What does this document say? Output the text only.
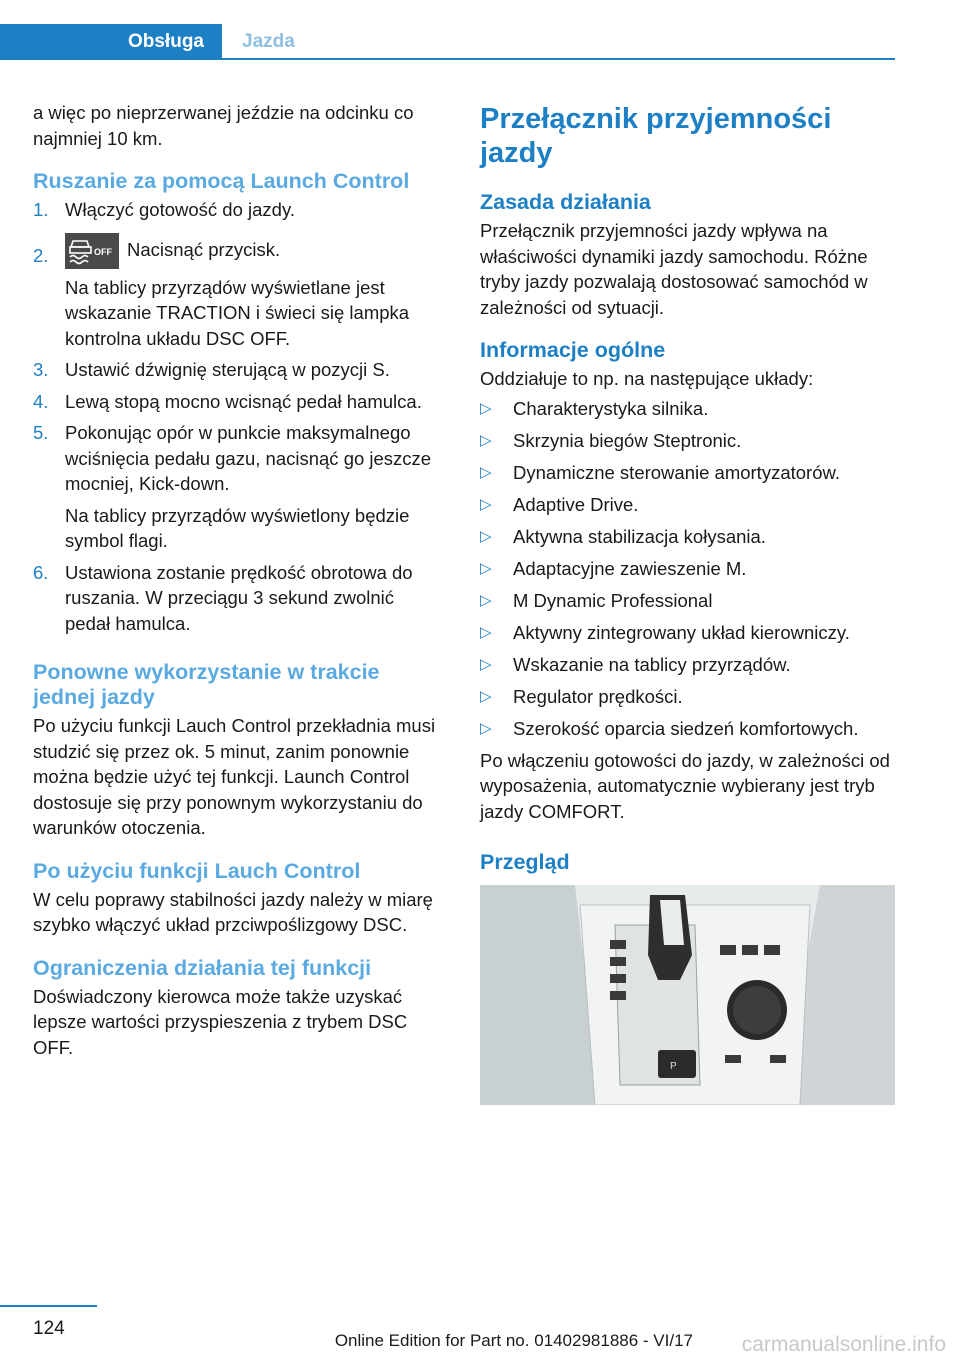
Obsługa Jazda

a więc po nieprzerwanej jeździe na odcinku co najmniej 10 km.

Ruszanie za pomocą Launch Control
1. Włączyć gotowość do jazdy.

2.	OFF Nacisnąć przycisk.

Na tablicy przyrządów wyświetlane jest wskazanie TRACTION i świeci się lampka kontrolna układu DSC OFF.

3. Ustawić dźwignię sterującą w pozycji S.

4. Lewą stopą mocno wcisnąć pedał hamulca.

5. Pokonując opór w punkcie maksymalnego wciśnięcia pedału gazu, nacisnąć go jeszcze mocniej, Kick-down.

Na tablicy przyrządów wyświetlony będzie symbol flagi.

6. Ustawiona zostanie prędkość obrotowa do ruszania. W przeciągu 3 sekund zwolnić pedał hamulca.

Ponowne wykorzystanie w trakcie jednej jazdy

Po użyciu funkcji Lauch Control przekładnia musi studzić się przez ok. 5 minut, zanim ponownie można będzie użyć tej funkcji. Launch Control dostosuje się przy ponownym wykorzystaniu do warunków otoczenia.

Po użyciu funkcji Lauch Control

W celu poprawy stabilności jazdy należy w miarę szybko włączyć układ przciwpoślizgowy DSC.

Ograniczenia działania tej funkcji

Doświadczony kierowca może także uzyskać lepsze wartości przyspieszenia z trybem DSC OFF.

Przełącznik przyjemności jazdy
Zasada działania

Przełącznik przyjemności jazdy wpływa na właściwości dynamiki jazdy samochodu. Różne tryby jazdy pozwalają dostosować samochód w zależności od sytuacji.

Informacje ogólne

Oddziałuje to np. na następujące układy:

▷ Charakterystyka silnika.

▷ Skrzynia biegów Steptronic.

▷ Dynamiczne sterowanie amortyzatorów.

▷ Adaptive Drive.

▷ Aktywna stabilizacja kołysania.

▷ Adaptacyjne zawieszenie M.

▷ M Dynamic Professional

▷ Aktywny zintegrowany układ kierowniczy.

▷ Wskazanie na tablicy przyrządów.

▷ Regulator prędkości.

▷ Szerokość oparcia siedzeń komfortowych.

Po włączeniu gotowości do jazdy, w zależności od wyposażenia, automatycznie wybierany jest tryb jazdy COMFORT.

Przegląd
P
124
Online Edition for Part no. 01402981886 - VI/17 carmanualsonline.info
